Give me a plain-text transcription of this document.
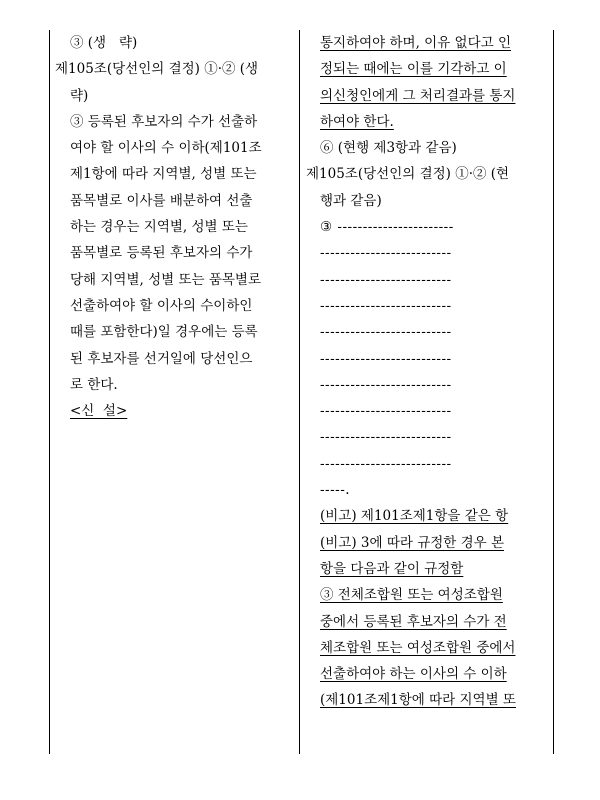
③ (생   략)
제105조(당선인의 결정) ①·② (생
략)
③ 등록된 후보자의 수가 선출하
여야 할 이사의 수 이하(제101조
제1항에 따라 지역별, 성별 또는
품목별로 이사를 배분하여 선출
하는 경우는 지역별, 성별 또는
품목별로 등록된 후보자의 수가
당해 지역별, 성별 또는 품목별로
선출하여야 할 이사의 수이하인
때를 포함한다)일 경우에는 등록
된 후보자를 선거일에 당선인으
로 한다.
<신  설>
통지하여야 하며, 이유 없다고 인
정되는 때에는 이를 기각하고 이
의신청인에게 그 처리결과를 통지
하여야 한다.
⑥ (현행 제3항과 같음)
제105조(당선인의 결정) ①·② (현
행과 같음)
③ -----------------------
--------------------------
--------------------------
--------------------------
--------------------------
--------------------------
--------------------------
--------------------------
--------------------------
--------------------------
-----.
(비고) 제101조제1항을 같은 항
(비고) 3에 따라 규정한 경우 본
항을 다음과 같이 규정함
③ 전체조합원 또는 여성조합원
중에서 등록된 후보자의 수가 전
체조합원 또는 여성조합원 중에서
선출하여야 하는 이사의 수 이하
(제101조제1항에 따라 지역별 또
